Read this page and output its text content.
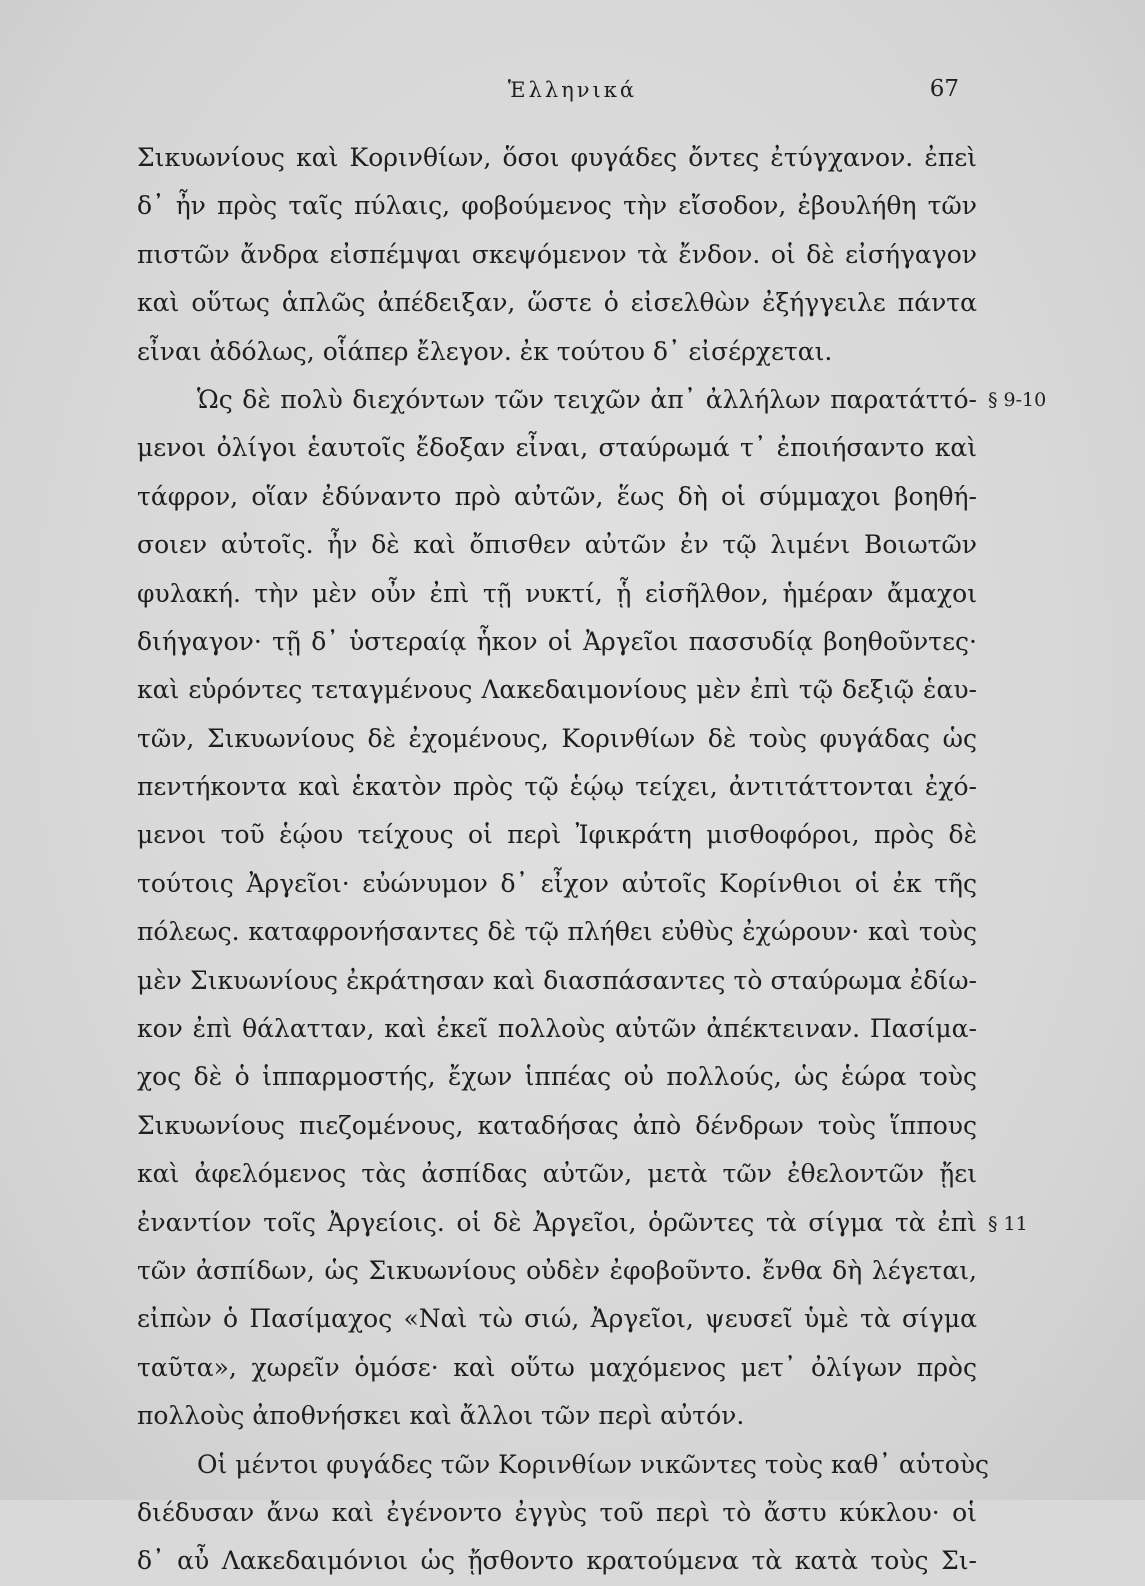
Ἑλληνικά	67
Σικυωνίους καὶ Κορινθίων, ὅσοι φυγάδες ὄντες ἐτύγχανον. ἐπεὶ
δ᾽ ἦν πρὸς ταῖς πύλαις, φοβούμενος τὴν εἴσοδον, ἐβουλήθη τῶν
πιστῶν ἄνδρα εἰσπέμψαι σκεψόμενον τὰ ἔνδον. οἱ δὲ εἰσήγαγον
καὶ οὕτως ἁπλῶς ἀπέδειξαν, ὥστε ὁ εἰσελθὼν ἐξήγγειλε πάντα
εἶναι ἀδόλως, οἷάπερ ἔλεγον. ἐκ τούτου δ᾽ εἰσέρχεται.
Ὡς δὲ πολὺ διεχόντων τῶν τειχῶν ἀπ᾽ ἀλλήλων παρατάττό-
μενοι ὀλίγοι ἑαυτοῖς ἔδοξαν εἶναι, σταύρωμά τ᾽ ἐποιήσαντο καὶ
τάφρον, οἵαν ἐδύναντο πρὸ αὐτῶν, ἕως δὴ οἱ σύμμαχοι βοηθή-
σοιεν αὐτοῖς. ἦν δὲ καὶ ὄπισθεν αὐτῶν ἐν τῷ λιμένι Βοιωτῶν
φυλακή. τὴν μὲν οὖν ἐπὶ τῇ νυκτί, ᾗ εἰσῆλθον, ἡμέραν ἄμαχοι
διήγαγον· τῇ δ᾽ ὑστεραίᾳ ἧκον οἱ Ἀργεῖοι πασσυδίᾳ βοηθοῦντες·
καὶ εὑρόντες τεταγμένους Λακεδαιμονίους μὲν ἐπὶ τῷ δεξιῷ ἑαυ-
τῶν, Σικυωνίους δὲ ἐχομένους, Κορινθίων δὲ τοὺς φυγάδας ὡς
πεντήκοντα καὶ ἑκατὸν πρὸς τῷ ἑῴῳ τείχει, ἀντιτάττονται ἐχό-
μενοι τοῦ ἑῴου τείχους οἱ περὶ Ἰφικράτη μισθοφόροι, πρὸς δὲ
τούτοις Ἀργεῖοι· εὐώνυμον δ᾽ εἶχον αὐτοῖς Κορίνθιοι οἱ ἐκ τῆς
πόλεως. καταφρονήσαντες δὲ τῷ πλήθει εὐθὺς ἐχώρουν· καὶ τοὺς
μὲν Σικυωνίους ἐκράτησαν καὶ διασπάσαντες τὸ σταύρωμα ἐδίω-
κον ἐπὶ θάλατταν, καὶ ἐκεῖ πολλοὺς αὐτῶν ἀπέκτειναν. Πασίμα-
χος δὲ ὁ ἱππαρμοστής, ἔχων ἱππέας οὐ πολλούς, ὡς ἑώρα τοὺς
Σικυωνίους πιεζομένους, καταδήσας ἀπὸ δένδρων τοὺς ἵππους
καὶ ἀφελόμενος τὰς ἀσπίδας αὐτῶν, μετὰ τῶν ἐθελοντῶν ᾔει
ἐναντίον τοῖς Ἀργείοις. οἱ δὲ Ἀργεῖοι, ὁρῶντες τὰ σίγμα τὰ ἐπὶ
τῶν ἀσπίδων, ὡς Σικυωνίους οὐδὲν ἐφοβοῦντο. ἔνθα δὴ λέγεται,
εἰπὼν ὁ Πασίμαχος «Ναὶ τὼ σιώ, Ἀργεῖοι, ψευσεῖ ὑμὲ τὰ σίγμα
ταῦτα», χωρεῖν ὁμόσε· καὶ οὕτω μαχόμενος μετ᾽ ὀλίγων πρὸς
πολλοὺς ἀποθνήσκει καὶ ἄλλοι τῶν περὶ αὐτόν.
Οἱ μέντοι φυγάδες τῶν Κορινθίων νικῶντες τοὺς καθ᾽ αὑτοὺς
διέδυσαν ἄνω καὶ ἐγένοντο ἐγγὺς τοῦ περὶ τὸ ἄστυ κύκλου· οἱ
δ᾽ αὖ Λακεδαιμόνιοι ὡς ᾔσθοντο κρατούμενα τὰ κατὰ τοὺς Σι-
§ 9-10
§ 11
